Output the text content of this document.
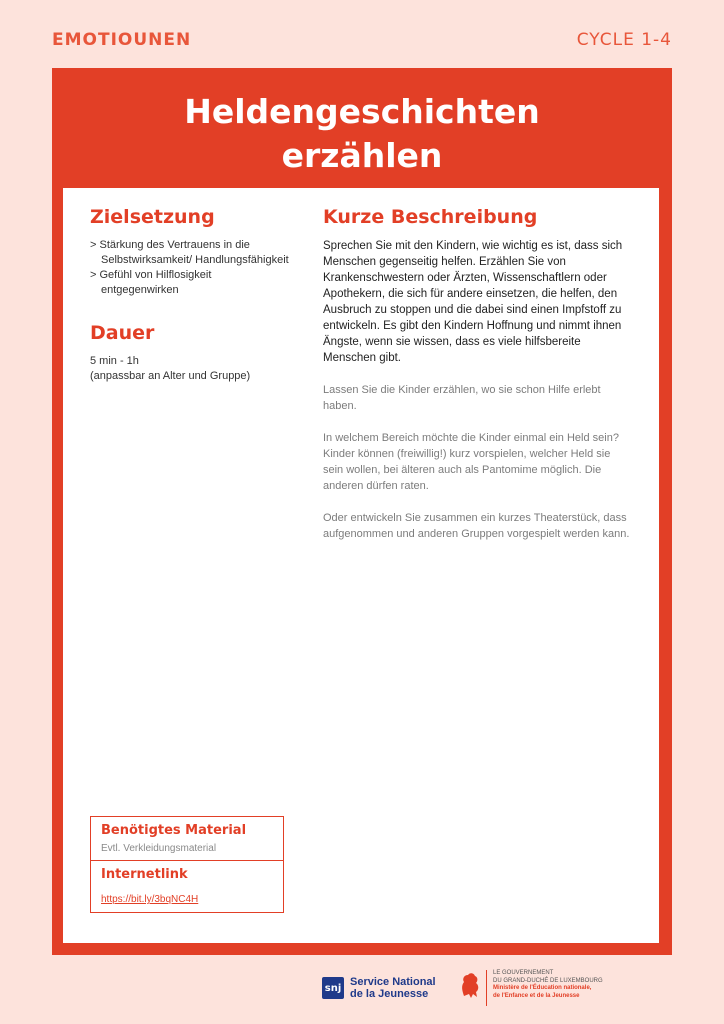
EMOTIOUNEN	CYCLE 1-4
Heldengeschichten
erzählen
Zielsetzung
> Stärkung des Vertrauens in die Selbstwirksamkeit/ Handlungsfähigkeit
> Gefühl von Hilflosigkeit entgegenwirken
Dauer
5 min - 1h
(anpassbar an Alter und Gruppe)
Kurze Beschreibung

Sprechen Sie mit den Kindern, wie wichtig es ist, dass sich Menschen gegenseitig helfen. Erzählen Sie von Krankenschwestern oder Ärzten, Wissenschaftlern oder Apothekern, die sich für andere einsetzen, die helfen, den Ausbruch zu stoppen und die dabei sind einen Impfstoff zu entwickeln. Es gibt den Kindern Hoffnung und nimmt ihnen Ängste, wenn sie wissen, dass es viele hilfsbereite Menschen gibt.

Lassen Sie die Kinder erzählen, wo sie schon Hilfe erlebt haben.

In welchem Bereich möchte die Kinder einmal ein Held sein? Kinder können (freiwillig!) kurz vorspielen, welcher Held sie sein wollen, bei älteren auch als Pantomime möglich. Die anderen dürfen raten.

Oder entwickeln Sie zusammen ein kurzes Theaterstück, dass aufgenommen und anderen Gruppen vorgespielt werden kann.

Benötigtes Material
Evtl. Verkleidungsmaterial
Internetlink
https://bit.ly/3bqNC4H
snj Service National
de la Jeunesse
LE GOUVERNEMENT
DU GRAND-DUCHÉ DE LUXEMBOURG
Ministère de l'Éducation nationale,
de l'Enfance et de la Jeunesse
